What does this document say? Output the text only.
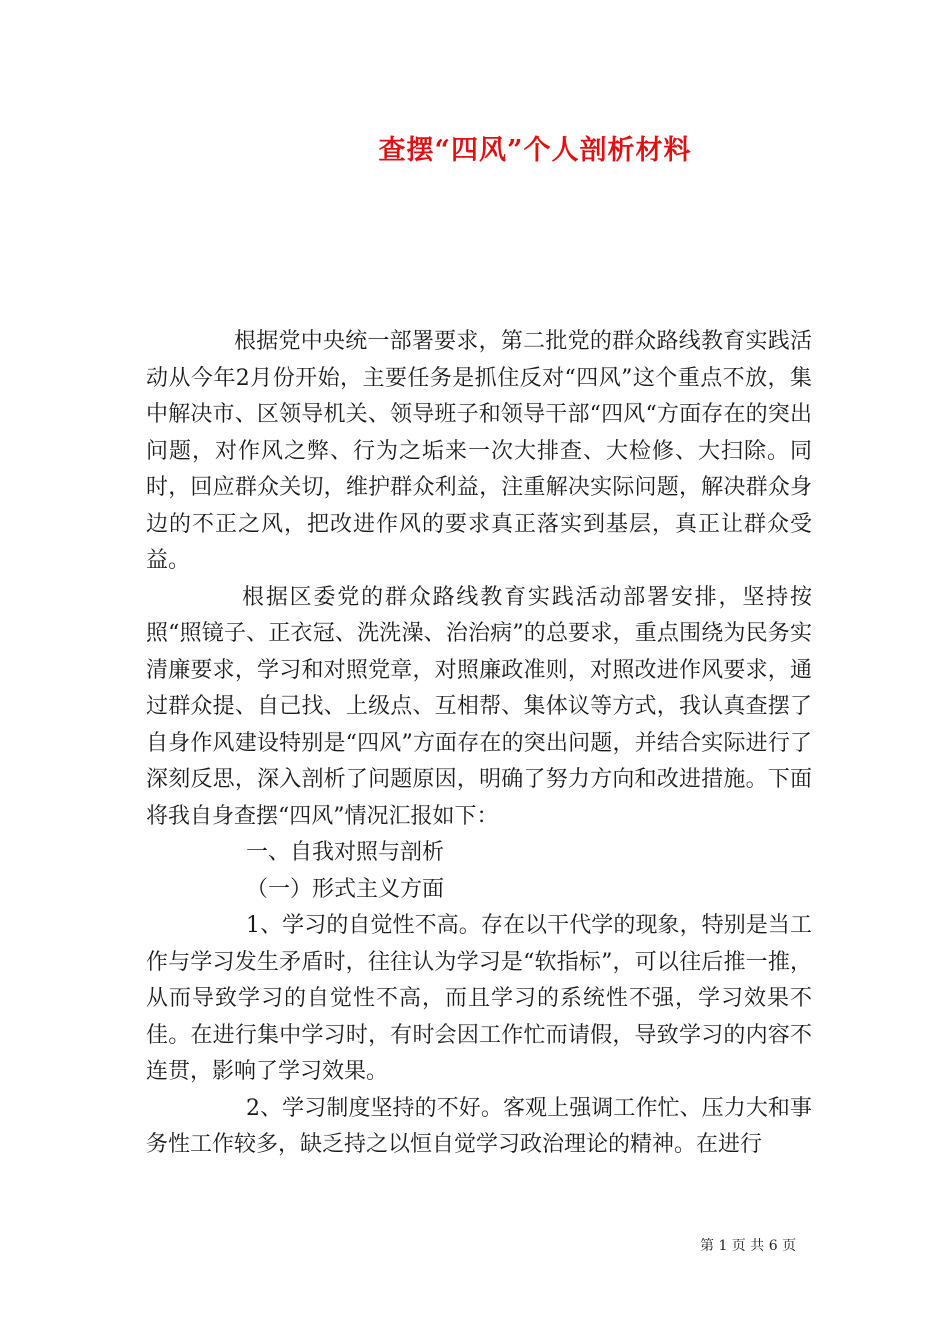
查摆“四风”个人剖析材料

根据党中央统一部署要求，第二批党的群众路线教育实践活动从今年2月份开始，主要任务是抓住反对“四风”这个重点不放，集中解决市、区领导机关、领导班子和领导干部“四风“方面存在的突出问题，对作风之弊、行为之垢来一次大排查、大检修、大扫除。同时，回应群众关切，维护群众利益，注重解决实际问题，解决群众身边的不正之风，把改进作风的要求真正落实到基层，真正让群众受益。

根据区委党的群众路线教育实践活动部署安排，坚持按照“照镜子、正衣冠、洗洗澡、治治病”的总要求，重点围绕为民务实清廉要求，学习和对照党章，对照廉政准则，对照改进作风要求，通过群众提、自己找、上级点、互相帮、集体议等方式，我认真查摆了自身作风建设特别是“四风”方面存在的突出问题，并结合实际进行了深刻反思，深入剖析了问题原因，明确了努力方向和改进措施。下面将我自身查摆“四风”情况汇报如下：

一、自我对照与剖析

（一）形式主义方面

1、学习的自觉性不高。存在以干代学的现象，特别是当工作与学习发生矛盾时，往往认为学习是“软指标”，可以往后推一推，从而导致学习的自觉性不高，而且学习的系统性不强，学习效果不佳。在进行集中学习时，有时会因工作忙而请假，导致学习的内容不连贯，影响了学习效果。

2、学习制度坚持的不好。客观上强调工作忙、压力大和事务性工作较多，缺乏持之以恒自觉学习政治理论的精神。在进行

第 1 页 共 6 页
